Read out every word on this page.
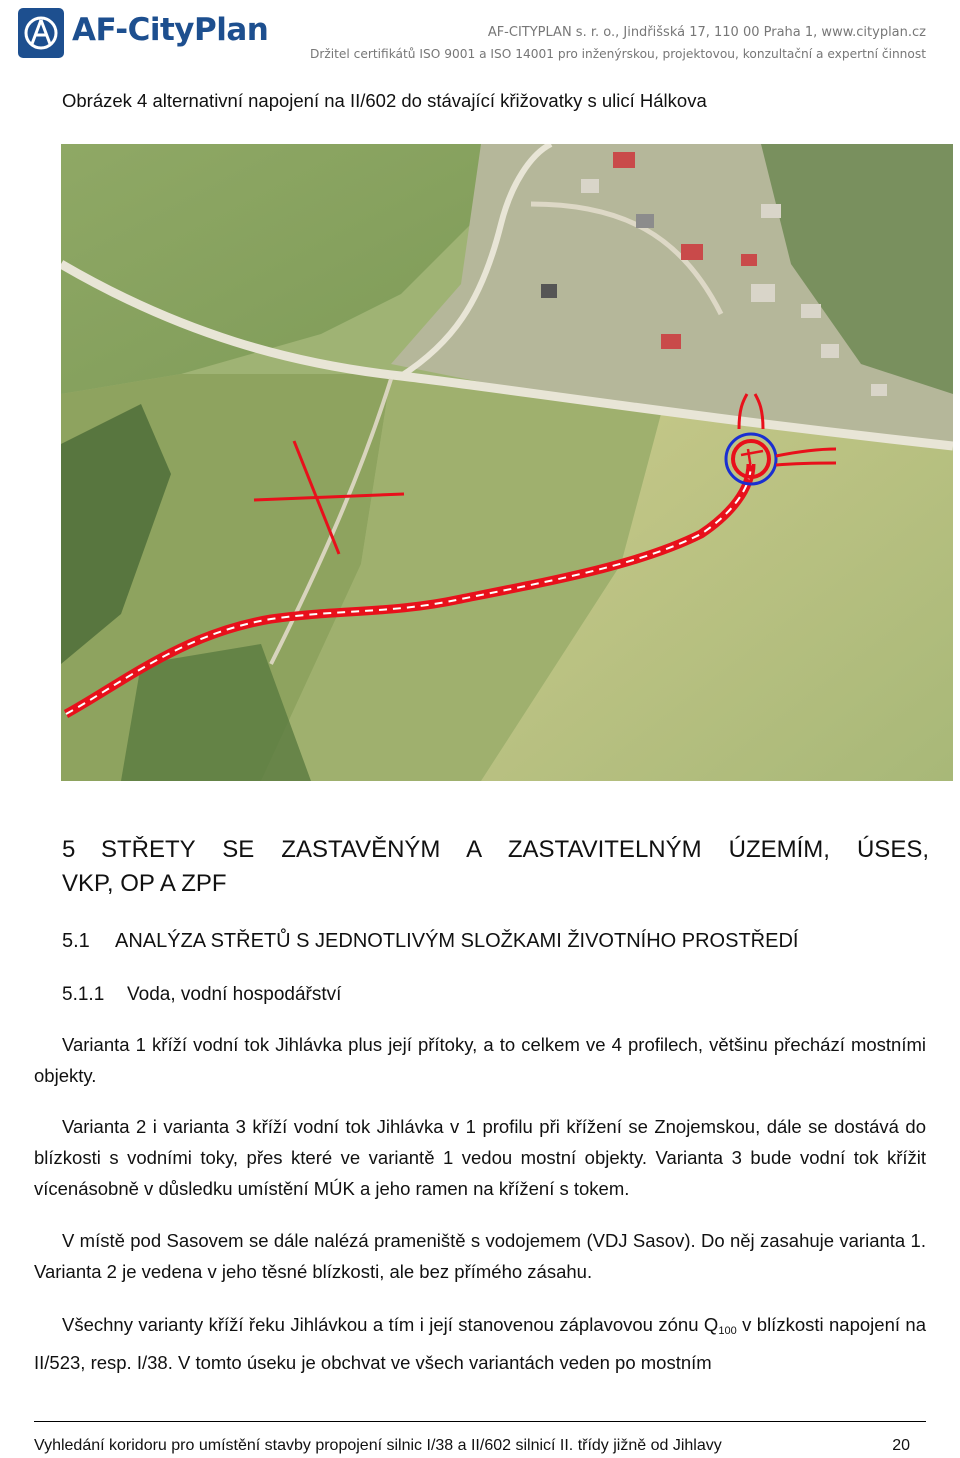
AF-CityPlan	AF-CITYPLAN s. r. o., Jindřišská 17, 110 00 Praha 1, www.cityplan.cz
Držitel certifikátů ISO 9001 a ISO 14001 pro inženýrskou, projektovou, konzultační a expertní činnost
Obrázek 4 alternativní napojení na II/602 do stávající křižovatky s ulicí Hálkova
5 STŘETY SE ZASTAVĚNÝM A ZASTAVITELNÝM ÚZEMÍM, ÚSES,
VKP, OP A ZPF
5.1 ANALÝZA STŘETŮ S JEDNOTLIVÝM SLOŽKAMI ŽIVOTNÍHO PROSTŘEDÍ
5.1.1 Voda, vodní hospodářství
Varianta 1 kříží vodní tok Jihlávka plus její přítoky, a to celkem ve 4 profilech, většinu přechází mostními objekty.
Varianta 2 i varianta 3 kříží vodní tok Jihlávka v 1 profilu při křížení se Znojemskou, dále se dostává do blízkosti s vodními toky, přes které ve variantě 1 vedou mostní objekty. Varianta 3 bude vodní tok křížit vícenásobně v důsledku umístění MÚK a jeho ramen na křížení s tokem.
V místě pod Sasovem se dále nalézá prameniště s vodojemem (VDJ Sasov). Do něj zasahuje varianta 1. Varianta 2 je vedena v jeho těsné blízkosti, ale bez přímého zásahu.
Všechny varianty kříží řeku Jihlávkou a tím i její stanovenou záplavovou zónu $Q_{100}$ v blízkosti napojení na II/523, resp. I/38. V tomto úseku je obchvat ve všech variantách veden po mostním
Vyhledání koridoru pro umístění stavby propojení silnic I/38 a II/602 silnicí II. třídy jižně od Jihlavy	20
